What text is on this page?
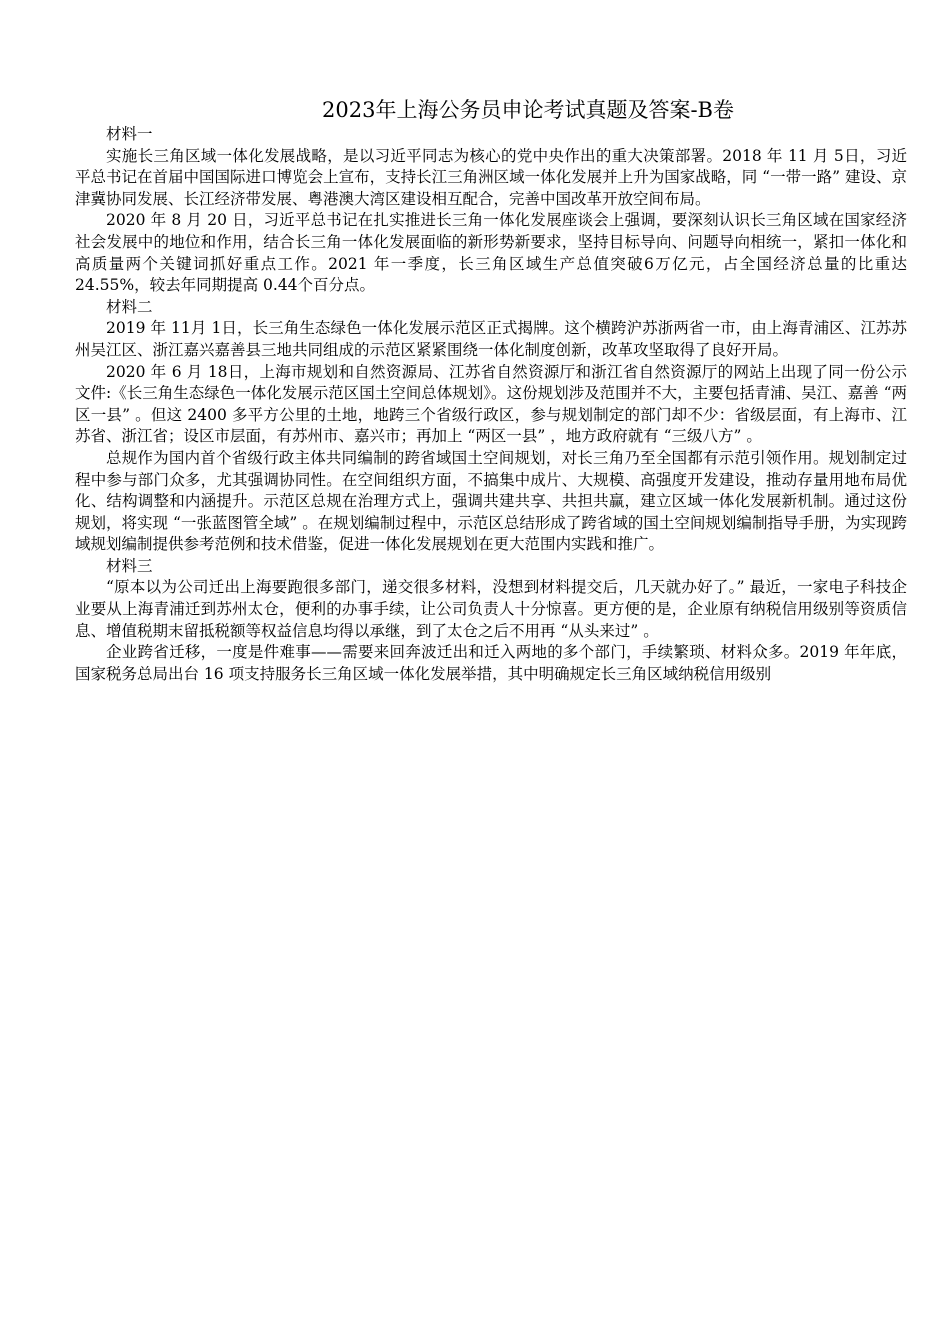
2023年上海公务员申论考试真题及答案-B卷

材料一

实施长三角区域一体化发展战略，是以习近平同志为核心的党中央作出的重大决策部署。2018 年 11 月 5日，习近平总书记在首届中国国际进口博览会上宣布，支持长江三角洲区域一体化发展并上升为国家战略，同 “一带一路” 建设、京津冀协同发展、长江经济带发展、粤港澳大湾区建设相互配合，完善中国改革开放空间布局。

2020 年 8 月 20 日，习近平总书记在扎实推进长三角一体化发展座谈会上强调，要深刻认识长三角区域在国家经济社会发展中的地位和作用，结合长三角一体化发展面临的新形势新要求，坚持目标导向、问题导向相统一，紧扣一体化和高质量两个关键词抓好重点工作。2021 年一季度，长三角区域生产总值突破6万亿元，占全国经济总量的比重达 24.55%，较去年同期提高 0.44个百分点。

材料二

2019 年 11月 1日，长三角生态绿色一体化发展示范区正式揭牌。这个横跨沪苏浙两省一市，由上海青浦区、江苏苏州吴江区、浙江嘉兴嘉善县三地共同组成的示范区紧紧围绕一体化制度创新，改革攻坚取得了良好开局。

2020 年 6 月 18日，上海市规划和自然资源局、江苏省自然资源厅和浙江省自然资源厅的网站上出现了同一份公示文件:《长三角生态绿色一体化发展示范区国土空间总体规划》。这份规划涉及范围并不大，主要包括青浦、吴江、嘉善 “两区一县” 。但这 2400 多平方公里的土地，地跨三个省级行政区，参与规划制定的部门却不少：省级层面，有上海市、江苏省、浙江省；设区市层面，有苏州市、嘉兴市；再加上 “两区一县” ，地方政府就有 “三级八方” 。

总规作为国内首个省级行政主体共同编制的跨省域国土空间规划，对长三角乃至全国都有示范引领作用。规划制定过程中参与部门众多，尤其强调协同性。在空间组织方面，不搞集中成片、大规模、高强度开发建设，推动存量用地布局优化、结构调整和内涵提升。示范区总规在治理方式上，强调共建共享、共担共赢，建立区域一体化发展新机制。通过这份规划，将实现 “一张蓝图管全域” 。在规划编制过程中，示范区总结形成了跨省域的国土空间规划编制指导手册，为实现跨域规划编制提供参考范例和技术借鉴，促进一体化发展规划在更大范围内实践和推广。

材料三

“原本以为公司迁出上海要跑很多部门，递交很多材料，没想到材料提交后，几天就办好了。” 最近，一家电子科技企业要从上海青浦迁到苏州太仓，便利的办事手续，让公司负责人十分惊喜。更方便的是，企业原有纳税信用级别等资质信息、增值税期末留抵税额等权益信息均得以承继，到了太仓之后不用再 “从头来过” 。

企业跨省迁移，一度是件难事——需要来回奔波迁出和迁入两地的多个部门，手续繁琐、材料众多。2019 年年底，国家税务总局出台 16 项支持服务长三角区域一体化发展举措，其中明确规定长三角区域纳税信用级别
